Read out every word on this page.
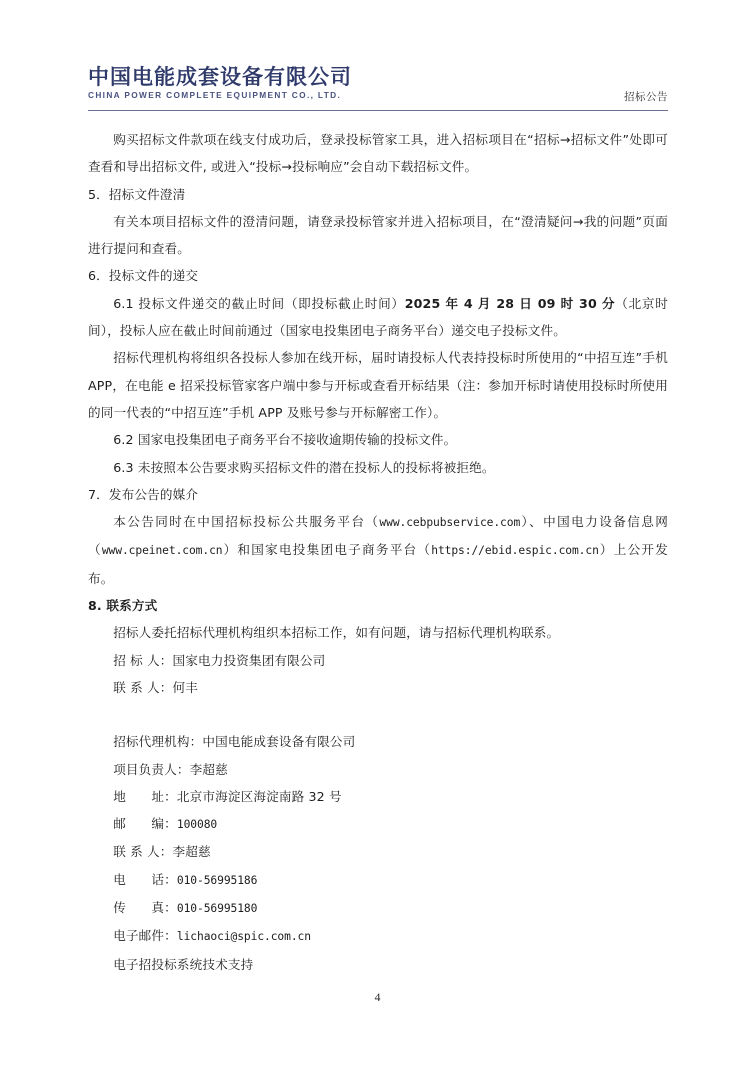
中国电能成套设备有限公司
CHINA POWER COMPLETE EQUIPMENT CO., LTD.	招标公告

购买招标文件款项在线支付成功后，登录投标管家工具，进入招标项目在“招标→招标文件”处即可查看和导出招标文件, 或进入“投标→投标响应”会自动下载招标文件。

5．招标文件澄清

有关本项目招标文件的澄清问题，请登录投标管家并进入招标项目，在“澄清疑问→我的问题”页面进行提问和查看。

6．投标文件的递交

6.1 投标文件递交的截止时间（即投标截止时间）2025 年 4 月 28 日 09 时 30 分（北京时间），投标人应在截止时间前通过（国家电投集团电子商务平台）递交电子投标文件。

招标代理机构将组织各投标人参加在线开标，届时请投标人代表持投标时所使用的“中招互连”手机 APP，在电能 e 招采投标管家客户端中参与开标或查看开标结果（注：参加开标时请使用投标时所使用的同一代表的“中招互连”手机 APP 及账号参与开标解密工作）。

6.2 国家电投集团电子商务平台不接收逾期传输的投标文件。

6.3 未按照本公告要求购买招标文件的潜在投标人的投标将被拒绝。

7．发布公告的媒介

本公告同时在中国招标投标公共服务平台（www.cebpubservice.com）、中国电力设备信息网（www.cpeinet.com.cn）和国家电投集团电子商务平台（https://ebid.espic.com.cn）上公开发布。

8. 联系方式

招标人委托招标代理机构组织本招标工作，如有问题，请与招标代理机构联系。

招 标 人：国家电力投资集团有限公司

联 系 人：何丰

招标代理机构：中国电能成套设备有限公司

项目负责人：李超慈

地　　址：北京市海淀区海淀南路 32 号

邮　　编：100080

联 系 人：李超慈

电　　话：010-56995186

传　　真：010-56995180

电子邮件：lichaoci@spic.com.cn

电子招投标系统技术支持

4
